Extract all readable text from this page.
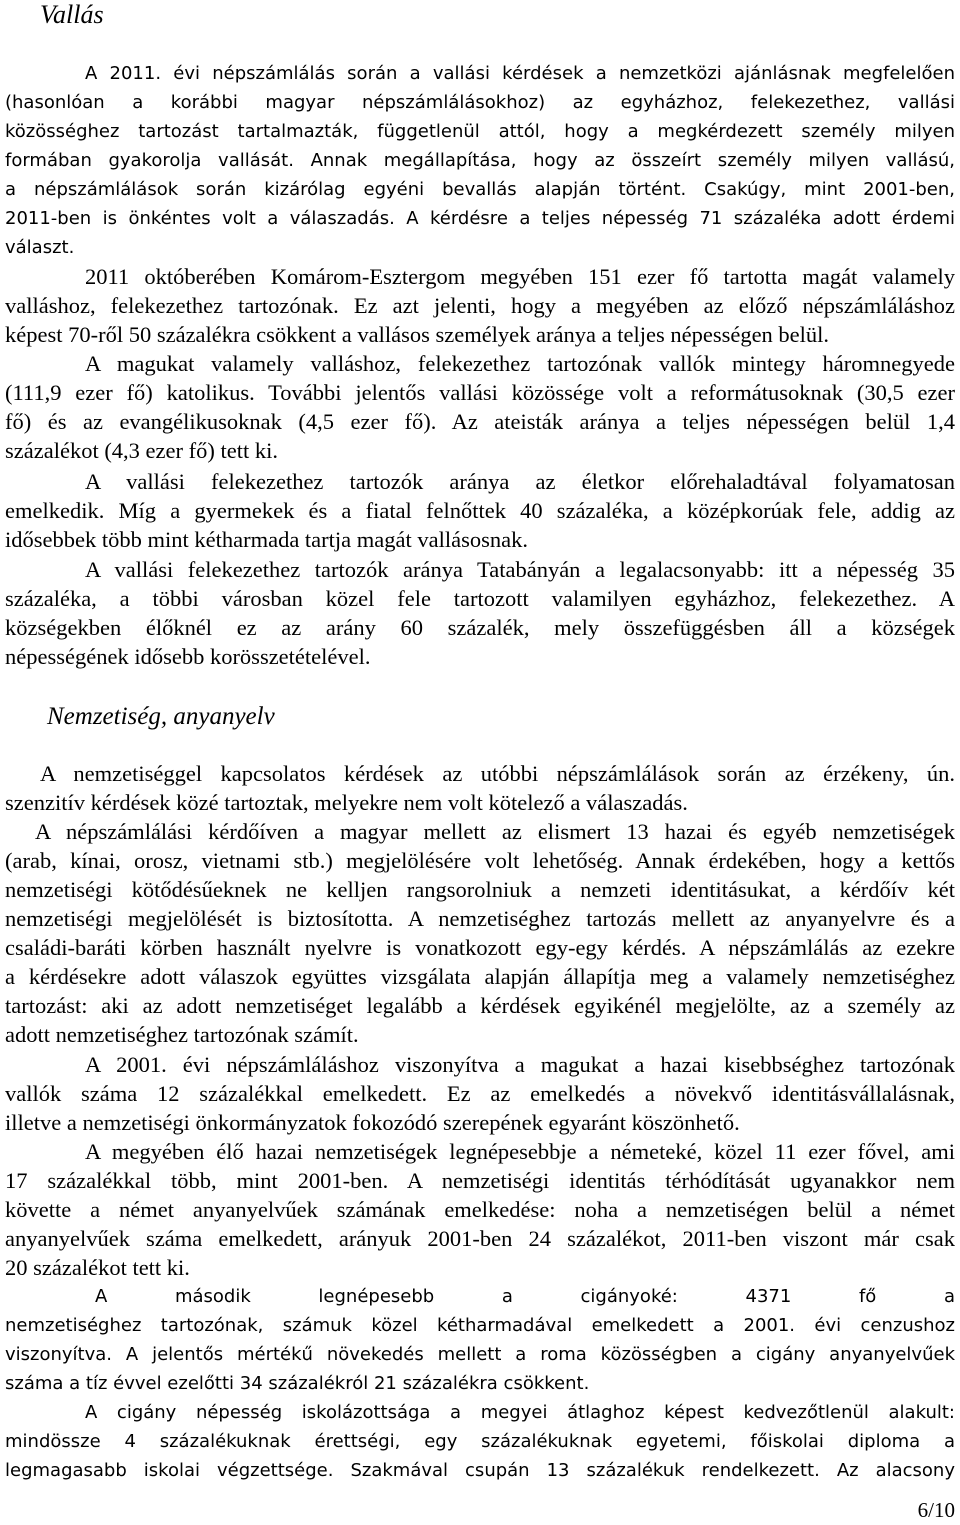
Vallás
A 2011. évi népszámlálás során a vallási kérdések a nemzetközi ajánlásnak megfelelően
(hasonlóan a korábbi magyar népszámlálásokhoz) az egyházhoz, felekezethez, vallási
közösséghez tartozást tartalmazták, függetlenül attól, hogy a megkérdezett személy milyen
formában gyakorolja vallását. Annak megállapítása, hogy az összeírt személy milyen vallású,
a népszámlálások során kizárólag egyéni bevallás alapján történt. Csakúgy, mint 2001-ben,
2011-ben is önkéntes volt a válaszadás. A kérdésre a teljes népesség 71 százaléka adott érdemi
választ.
2011 októberében Komárom-Esztergom megyében 151 ezer fő tartotta magát valamely
valláshoz, felekezethez tartozónak. Ez azt jelenti, hogy a megyében az előző népszámláláshoz
képest 70-ről 50 százalékra csökkent a vallásos személyek aránya a teljes népességen belül.
A magukat valamely valláshoz, felekezethez tartozónak vallók mintegy háromnegyede
(111,9 ezer fő) katolikus. További jelentős vallási közössége volt a reformátusoknak (30,5 ezer
fő) és az evangélikusoknak (4,5 ezer fő). Az ateisták aránya a teljes népességen belül 1,4
százalékot (4,3 ezer fő) tett ki.
A vallási felekezethez tartozók aránya az életkor előrehaladtával folyamatosan
emelkedik. Míg a gyermekek és a fiatal felnőttek 40 százaléka, a középkorúak fele, addig az
idősebbek több mint kétharmada tartja magát vallásosnak.
A vallási felekezethez tartozók aránya Tatabányán a legalacsonyabb: itt a népesség 35
százaléka, a többi városban közel fele tartozott valamilyen egyházhoz, felekezethez. A
községekben élőknél ez az arány 60 százalék, mely összefüggésben áll a községek
népességének idősebb korösszetételével.
Nemzetiség, anyanyelv
A nemzetiséggel kapcsolatos kérdések az utóbbi népszámlálások során az érzékeny, ún.
szenzitív kérdések közé tartoztak, melyekre nem volt kötelező a válaszadás.
A népszámlálási kérdőíven a magyar mellett az elismert 13 hazai és egyéb nemzetiségek
(arab, kínai, orosz, vietnami stb.) megjelölésére volt lehetőség. Annak érdekében, hogy a kettős
nemzetiségi kötődésűeknek ne kelljen rangsorolniuk a nemzeti identitásukat, a kérdőív két
nemzetiségi megjelölését is biztosította. A nemzetiséghez tartozás mellett az anyanyelvre és a
családi-baráti körben használt nyelvre is vonatkozott egy-egy kérdés. A népszámlálás az ezekre
a kérdésekre adott válaszok együttes vizsgálata alapján állapítja meg a valamely nemzetiséghez
tartozást: aki az adott nemzetiséget legalább a kérdések egyikénél megjelölte, az a személy az
adott nemzetiséghez tartozónak számít.
A 2001. évi népszámláláshoz viszonyítva a magukat a hazai kisebbséghez tartozónak
vallók száma 12 százalékkal emelkedett. Ez az emelkedés a növekvő identitásvállalásnak,
illetve a nemzetiségi önkormányzatok fokozódó szerepének egyaránt köszönhető.
A megyében élő hazai nemzetiségek legnépesebbje a németeké, közel 11 ezer fővel, ami
17 százalékkal több, mint 2001-ben. A nemzetiségi identitás térhódítását ugyanakkor nem
követte a német anyanyelvűek számának emelkedése: noha a nemzetiségen belül a német
anyanyelvűek száma emelkedett, arányuk 2001-ben 24 százalékot, 2011-ben viszont már csak
20 százalékot tett ki.
A második legnépesebb a cigányoké: 4371 fő a
nemzetiséghez tartozónak, számuk közel kétharmadával emelkedett a 2001. évi cenzushoz
viszonyítva. A jelentős mértékű növekedés mellett a roma közösségben a cigány anyanyelvűek
száma a tíz évvel ezelőtti 34 százalékról 21 százalékra csökkent.
A cigány népesség iskolázottsága a megyei átlaghoz képest kedvezőtlenül alakult:
mindössze 4 százalékuknak érettségi, egy százalékuknak egyetemi, főiskolai diploma a
legmagasabb iskolai végzettsége. Szakmával csupán 13 százalékuk rendelkezett. Az alacsony
6/10
